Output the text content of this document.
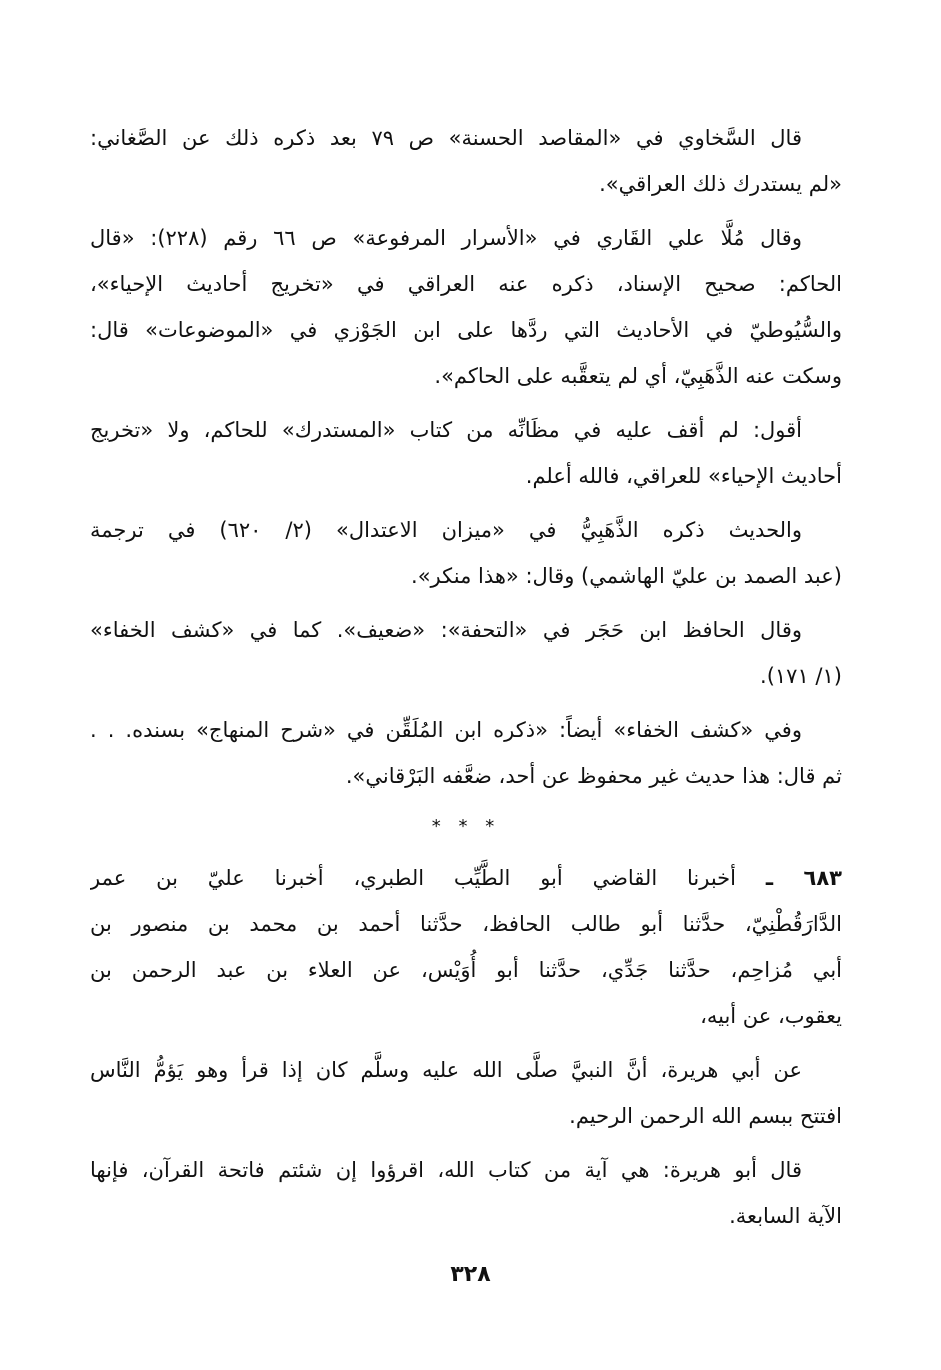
قال السَّخاوي في «المقاصد الحسنة» ص ٧٩ بعد ذكره ذلك عن الصَّغاني:
«لم يستدرك ذلك العراقي».
وقال مُلَّا علي القَاري في «الأسرار المرفوعة» ص ٦٦ رقم (٢٢٨): «قال
الحاكم: صحيح الإسناد، ذكره عنه العراقي في «تخريج أحاديث الإحياء»،
والسُّيُوطيّ في الأحاديث التي ردَّها على ابن الجَوْزي في «الموضوعات» قال:
وسكت عنه الذَّهَبِيّ، أي لم يتعقَّبه على الحاكم».
أقول: لم أقف عليه في مظَانِّه من كتاب «المستدرك» للحاكم، ولا «تخريج
أحاديث الإحياء» للعراقي، فالله أعلم.
والحديث ذكره الذَّهَبِيُّ في «ميزان الاعتدال» (٢/ ٦٢٠) في ترجمة
(عبد الصمد بن عليّ الهاشمي) وقال: «هذا منكر».
وقال الحافظ ابن حَجَر في «التحفة»: «ضعيف». كما في «كشف الخفاء»
(١/ ١٧١).
وفي «كشف الخفاء» أيضاً: «ذكره ابن المُلَقِّن في «شرح المنهاج» بسنده. . .
ثم قال: هذا حديث غير محفوظ عن أحد، ضعَّفه البَرْقاني».
* * *
٦٨٣ ـ أخبرنا القاضي أبو الطَّيِّب الطبري، أخبرنا عليّ بن عمر
الدَّارَقُطْنِيّ، حدَّثنا أبو طالب الحافظ، حدَّثنا أحمد بن محمد بن منصور بن
أبي مُزاحِم، حدَّثنا جَدِّي، حدَّثنا أبو أُوَيْس، عن العلاء بن عبد الرحمن بن
يعقوب، عن أبيه،
عن أبي هريرة، أنَّ النبيَّ صلَّى الله عليه وسلَّم كان إذا قرأ وهو يَؤمُّ النَّاس
افتتح ببسم الله الرحمن الرحيم.
قال أبو هريرة: هي آية من كتاب الله، اقرؤوا إن شئتم فاتحة القرآن، فإنها
الآية السابعة.
٣٢٨
